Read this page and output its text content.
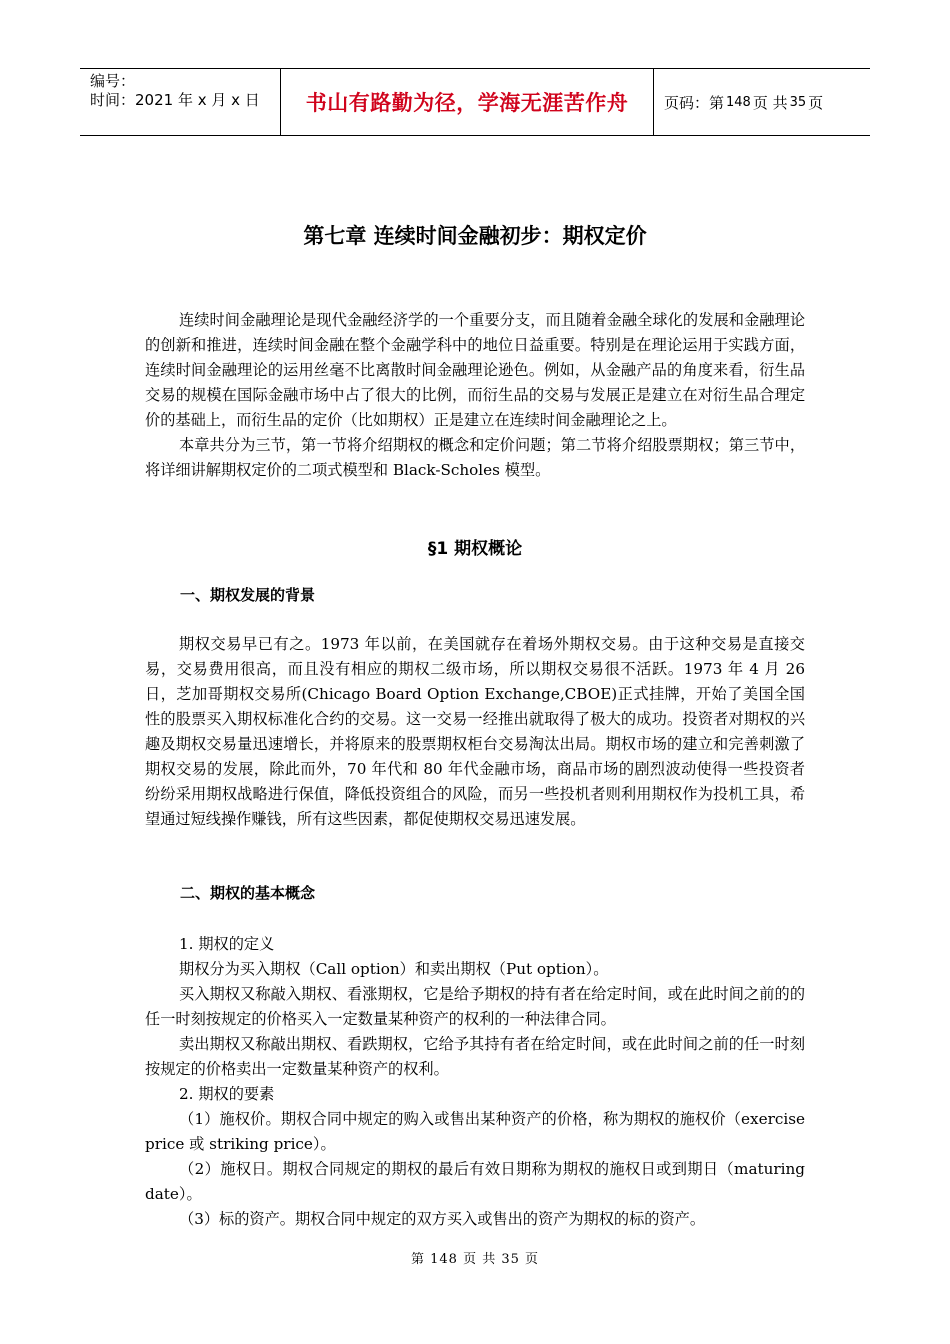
编号：
时间：2021 年 x 月 x 日	书山有路勤为径，学海无涯苦作舟	页码：第 148 页 共 35 页
第七章 连续时间金融初步：期权定价

连续时间金融理论是现代金融经济学的一个重要分支，而且随着金融全球化的发展和金融理论的创新和推进，连续时间金融在整个金融学科中的地位日益重要。特别是在理论运用于实践方面，连续时间金融理论的运用丝毫不比离散时间金融理论逊色。例如，从金融产品的角度来看，衍生品交易的规模在国际金融市场中占了很大的比例，而衍生品的交易与发展正是建立在对衍生品合理定价的基础上，而衍生品的定价（比如期权）正是建立在连续时间金融理论之上。

本章共分为三节，第一节将介绍期权的概念和定价问题；第二节将介绍股票期权；第三节中，将详细讲解期权定价的二项式模型和 Black-Scholes 模型。

§1 期权概论
一、期权发展的背景

期权交易早已有之。1973 年以前，在美国就存在着场外期权交易。由于这种交易是直接交易，交易费用很高，而且没有相应的期权二级市场，所以期权交易很不活跃。1973 年 4 月 26 日，芝加哥期权交易所(Chicago Board Option Exchange,CBOE)正式挂牌，开始了美国全国性的股票买入期权标准化合约的交易。这一交易一经推出就取得了极大的成功。投资者对期权的兴趣及期权交易量迅速增长，并将原来的股票期权柜台交易淘汰出局。期权市场的建立和完善刺激了期权交易的发展，除此而外，70 年代和 80 年代金融市场，商品市场的剧烈波动使得一些投资者纷纷采用期权战略进行保值，降低投资组合的风险，而另一些投机者则利用期权作为投机工具，希望通过短线操作赚钱，所有这些因素，都促使期权交易迅速发展。

二、期权的基本概念

1. 期权的定义

期权分为买入期权（Call option）和卖出期权（Put option）。

买入期权又称敲入期权、看涨期权，它是给予期权的持有者在给定时间，或在此时间之前的的任一时刻按规定的价格买入一定数量某种资产的权利的一种法律合同。

卖出期权又称敲出期权、看跌期权，它给予其持有者在给定时间，或在此时间之前的任一时刻按规定的价格卖出一定数量某种资产的权利。

2. 期权的要素

（1）施权价。期权合同中规定的购入或售出某种资产的价格，称为期权的施权价（exercise price 或 striking price）。

（2）施权日。期权合同规定的期权的最后有效日期称为期权的施权日或到期日（maturing date）。

（3）标的资产。期权合同中规定的双方买入或售出的资产为期权的标的资产。

第 148 页 共 35 页
